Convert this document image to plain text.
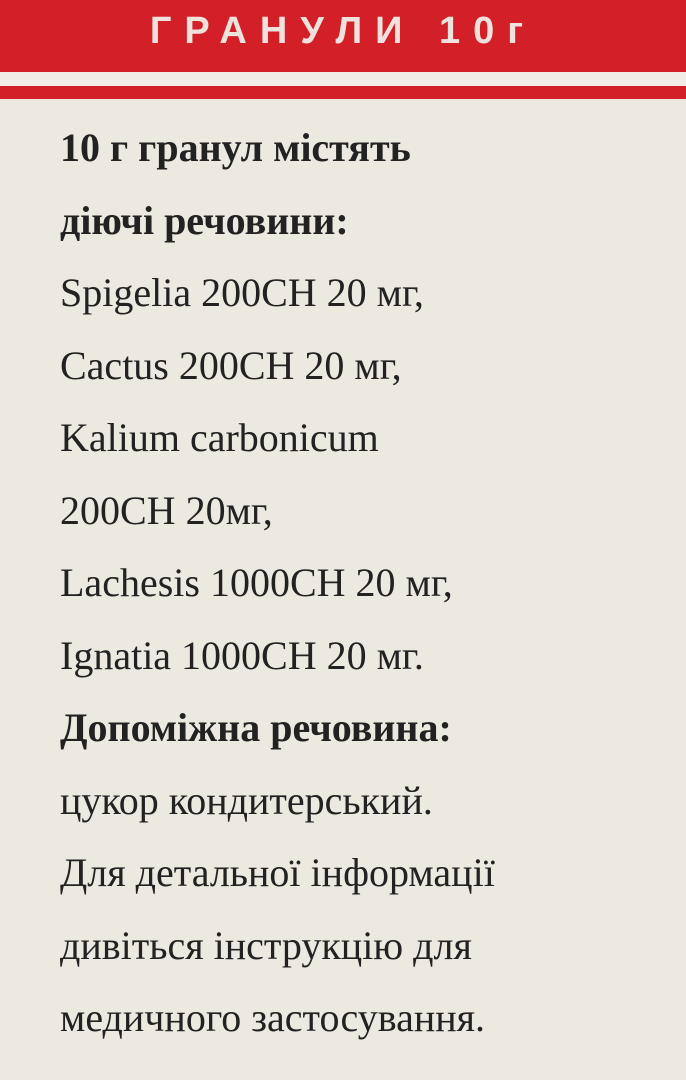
ГРАНУЛИ 10г
10 г гранул містять
діючі речовини:
Spigelia 200CH 20 мг,
Cactus 200CH 20 мг,
Kalium carbonicum
200CH 20мг,
Lachesis 1000CH 20 мг,
Ignatia 1000CH 20 мг.
Допоміжна речовина:
цукор кондитерський.
Для детальної інформації
дивіться інструкцію для
медичного застосування.
